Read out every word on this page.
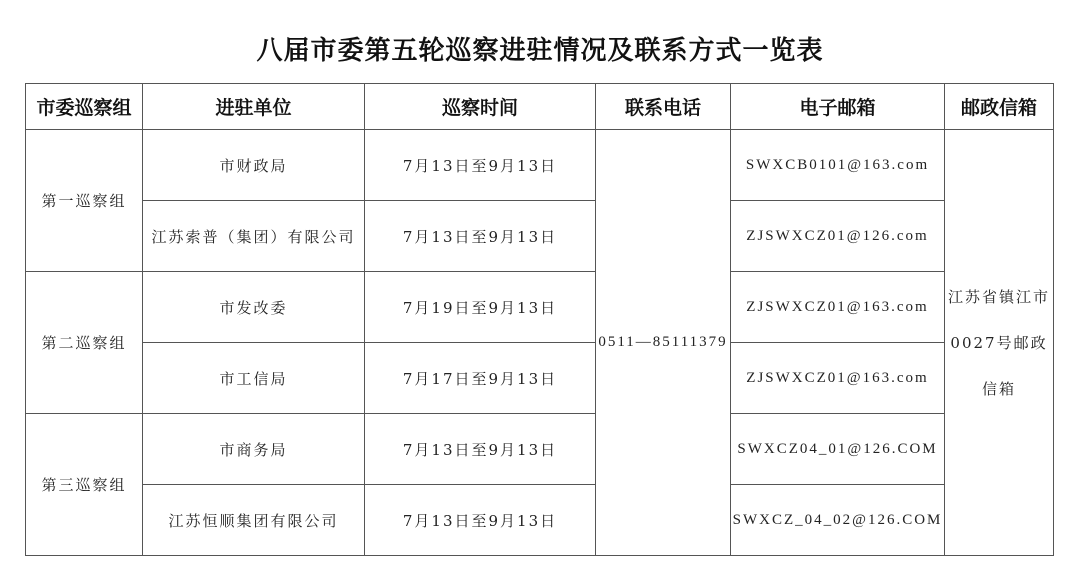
八届市委第五轮巡察进驻情况及联系方式一览表
市委巡察组	进驻单位	巡察时间	联系电话	电子邮箱	邮政信箱
第一巡察组	市财政局	7月13日至9月13日	0511—85111379	SWXCB0101@163.com	江苏省镇江市0027号邮政信箱
	江苏索普（集团）有限公司	7月13日至9月13日		ZJSWXCZ01@126.com	
第二巡察组	市发改委	7月19日至9月13日		ZJSWXCZ01@163.com	
	市工信局	7月17日至9月13日		ZJSWXCZ01@163.com	
第三巡察组	市商务局	7月13日至9月13日		SWXCZ04_01@126.COM	
	江苏恒顺集团有限公司	7月13日至9月13日		SWXCZ_04_02@126.COM	
